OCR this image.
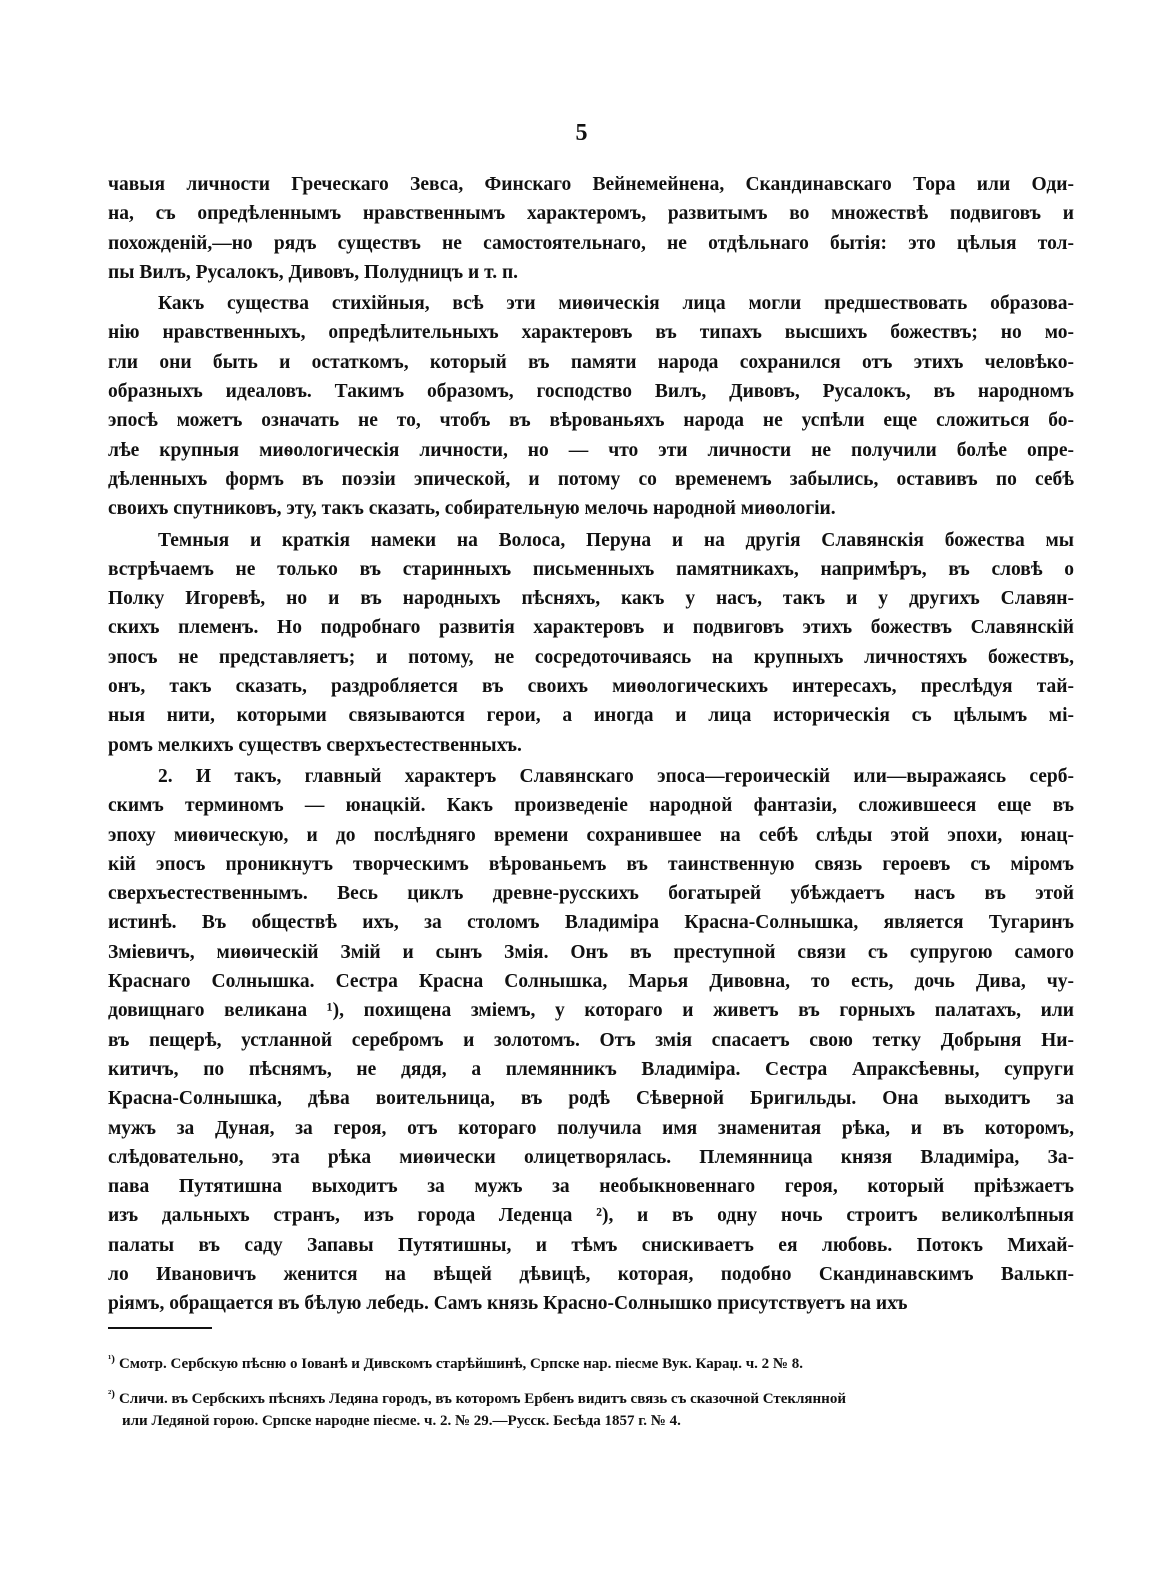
5

чавыя личности Греческаго Зевса, Финскаго Вейнемейнена, Скандинавскаго Тора или Оди-
на, съ опредѣленнымъ нравственнымъ характеромъ, развитымъ во множествѣ подвиговъ и
похожденій,—но рядъ существъ не самостоятельнаго, не отдѣльнаго бытія: это цѣлыя тол-
пы Вилъ, Русалокъ, Дивовъ, Полудницъ и т. п.

Какъ существа стихійныя, всѣ эти миѳическія лица могли предшествовать образова-
нію нравственныхъ, опредѣлительныхъ характеровъ въ типахъ высшихъ божествъ; но мо-
гли они быть и остаткомъ, который въ памяти народа сохранился отъ этихъ человѣко-
образныхъ идеаловъ. Такимъ образомъ, господство Вилъ, Дивовъ, Русалокъ, въ народномъ
эпосѣ можетъ означать не то, чтобъ въ вѣрованьяхъ народа не успѣли еще сложиться бо-
лѣе крупныя миѳологическія личности, но — что эти личности не получили болѣе опре-
дѣленныхъ формъ въ поэзіи эпической, и потому со временемъ забылись, оставивъ по себѣ
своихъ спутниковъ, эту, такъ сказать, собирательную мелочь народной миѳологіи.

Темныя и краткія намеки на Волоса, Перуна и на другія Славянскія божества мы
встрѣчаемъ не только въ старинныхъ письменныхъ памятникахъ, напримѣръ, въ словѣ о
Полку Игоревѣ, но и въ народныхъ пѣсняхъ, какъ у насъ, такъ и у другихъ Славян-
скихъ племенъ. Но подробнаго развитія характеровъ и подвиговъ этихъ божествъ Славянскій
эпосъ не представляетъ; и потому, не сосредоточиваясь на крупныхъ личностяхъ божествъ,
онъ, такъ сказать, раздробляется въ своихъ миѳологическихъ интересахъ, преслѣдуя тай-
ныя нити, которыми связываются герои, а иногда и лица историческія съ цѣлымъ мі-
ромъ мелкихъ существъ сверхъестественныхъ.

2. И такъ, главный характеръ Славянскаго эпоса—героическій или—выражаясь серб-
скимъ терминомъ — юнацкій. Какъ произведеніе народной фантазіи, сложившееся еще въ
эпоху миѳическую, и до послѣдняго времени сохранившее на себѣ слѣды этой эпохи, юнац-
кій эпосъ проникнутъ творческимъ вѣрованьемъ въ таинственную связь героевъ съ міромъ
сверхъестественнымъ. Весь циклъ древне-русскихъ богатырей убѣждаетъ насъ въ этой
истинѣ. Въ обществѣ ихъ, за столомъ Владиміра Красна-Солнышка, является Тугаринъ
Зміевичъ, миѳическій Змій и сынъ Змія. Онъ въ преступной связи съ супругою самого
Краснаго Солнышка. Сестра Красна Солнышка, Марья Дивовна, то есть, дочь Дива, чу-
довищнаго великана ¹), похищена зміемъ, у котораго и живетъ въ горныхъ палатахъ, или
въ пещерѣ, устланной серебромъ и золотомъ. Отъ змія спасаетъ свою тетку Добрыня Ни-
китичъ, по пѣснямъ, не дядя, а племянникъ Владиміра. Сестра Апраксѣевны, супруги
Красна-Солнышка, дѣва воительница, въ родѣ Сѣверной Бригильды. Она выходитъ за
мужъ за Дуная, за героя, отъ котораго получила имя знаменитая рѣка, и въ которомъ,
слѣдовательно, эта рѣка миѳически олицетворялась. Племянница князя Владиміра, За-
пава Путятишна выходитъ за мужъ за необыкновеннаго героя, который пріѣзжаетъ
изъ дальныхъ странъ, изъ города Леденца ²), и въ одну ночь строитъ великолѣпныя
палаты въ саду Запавы Путятишны, и тѣмъ снискиваетъ ея любовь. Потокъ Михай-
ло Ивановичъ женится на вѣщей дѣвицѣ, которая, подобно Скандинавскимъ Валькп-
ріямъ, обращается въ бѣлую лебедь. Самъ князь Красно-Солнышко присутствуетъ на ихъ

$^{^1)}$ Смотр. Сербскую пѣсню о Іованѣ и Дивскомъ старѣйшинѣ, Српске нар. піесме Вук. Караџ. ч. 2 № 8.
$^{^2)}$ Сличи. въ Сербскихъ пѣсняхъ Ледяна городъ, въ которомъ Ербенъ видитъ связь съ сказочной Стеклянной
или Ледяной горою. Српске народне піесме. ч. 2. № 29.—Русск. Бесѣда 1857 г. № 4.
